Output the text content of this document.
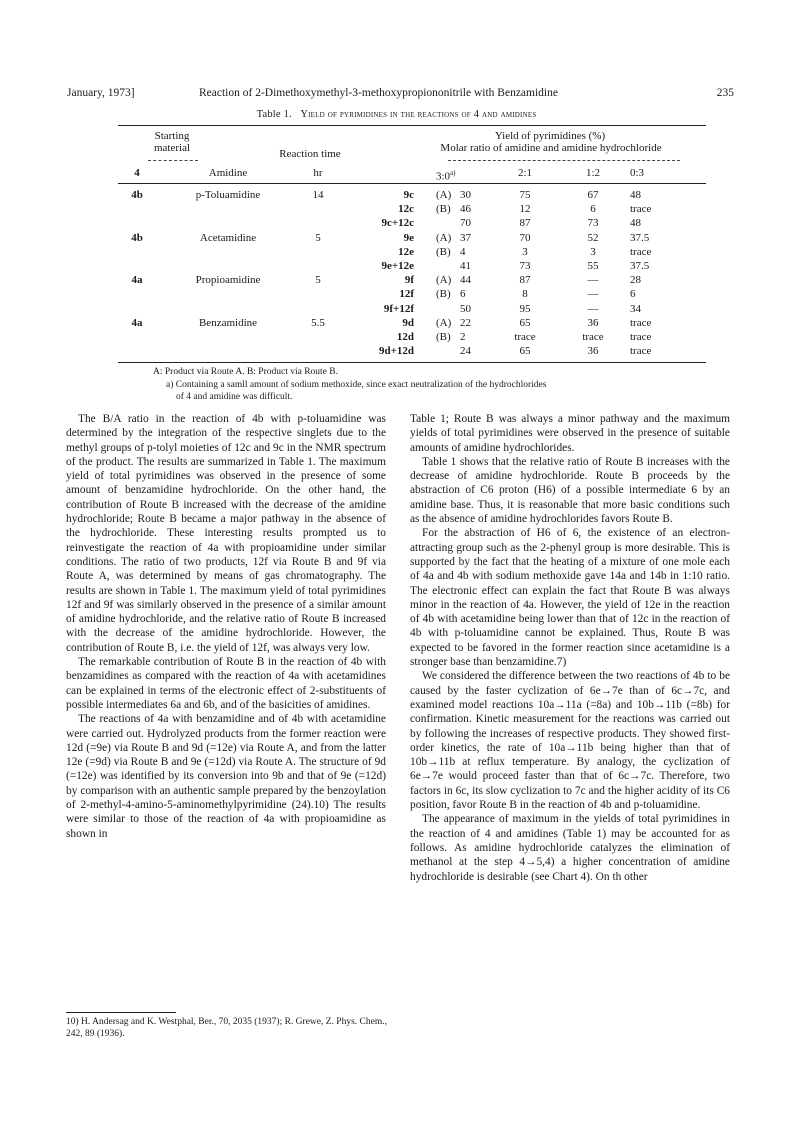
January, 1973]	Reaction of 2-Dimethoxymethyl-3-methoxypropiononitrile with Benzamidine	235
Table 1. Yield of pyrimidines in the reactions of 4 and amidines
Starting
material	Reaction time
Yield of pyrimidines (%)
Molar ratio of amidine and amidine hydrochloride
4	Amidine	hr	3:0$^{a)}$	2:1	1:2	0:3
4b	p-Toluamidine	14	9c (A) 30	75	67	48
12c (B) 46	12	6	trace
9c+12c	70	87	73	48
4b	Acetamidine	5	9e (A) 37	70	52	37.5
12e (B) 4	3	3	trace
9e+12e	41	73	55	37.5
4a	Propioamidine	5	9f (A) 44	87	—	28
12f (B) 6	8	—	6
9f+12f	50	95	—	34
4a	Benzamidine	5.5	9d (A) 22	65	36	trace
12d (B) 2	trace	trace	trace
9d+12d	24	65	36	trace
A: Product via Route A. B: Product via Route B.
a) Containing a samll amount of sodium methoxide, since exact neutralization of the hydrochlorides
of 4 and amidine was difficult.

The B/A ratio in the reaction of 4b with p-toluamidine was determined by the integration of the respective singlets due to the methyl groups of p-tolyl moieties of 12c and 9c in the NMR spectrum of the product. The results are summarized in Table 1. The maximum yield of total pyrimidines was observed in the presence of some amount of benzamidine hydrochloride. On the other hand, the contribution of Route B increased with the decrease of the amidine hydrochloride; Route B became a major pathway in the absence of the hydrochloride. These interesting results prompted us to reinvestigate the reaction of 4a with propioamidine under similar conditions. The ratio of two products, 12f via Route B and 9f via Route A, was determined by means of gas chromatography. The results are shown in Table 1. The maximum yield of total pyrimidines 12f and 9f was similarly observed in the presence of a similar amount of amidine hydrochloride, and the relative ratio of Route B increased with the decrease of the amidine hydrochloride. However, the contribution of Route B, i.e. the yield of 12f, was always very low.

The remarkable contribution of Route B in the reaction of 4b with benzamidines as compared with the reaction of 4a with acetamidines can be explained in terms of the electronic effect of 2-substituents of possible intermediates 6a and 6b, and of the basicities of amidines.

The reactions of 4a with benzamidine and of 4b with acetamidine were carried out. Hydrolyzed products from the former reaction were 12d (=9e) via Route B and 9d (=12e) via Route A, and from the latter 12e (=9d) via Route B and 9e (=12d) via Route A. The structure of 9d (=12e) was identified by its conversion into 9b and that of 9e (=12d) by comparison with an authentic sample prepared by the benzoylation of 2-methyl-4-amino-5-aminomethylpyrimidine (24).10) The results were similar to those of the reaction of 4a with propioamidine as shown in

Table 1; Route B was always a minor pathway and the maximum yields of total pyrimidines were observed in the presence of suitable amounts of amidine hydrochlorides.

Table 1 shows that the relative ratio of Route B increases with the decrease of amidine hydrochloride. Route B proceeds by the abstraction of C6 proton (H6) of a possible intermediate 6 by an amidine base. Thus, it is reasonable that more basic conditions such as the absence of amidine hydrochlorides favors Route B.

For the abstraction of H6 of 6, the existence of an electron-attracting group such as the 2-phenyl group is more desirable. This is supported by the fact that the heating of a mixture of one mole each of 4a and 4b with sodium methoxide gave 14a and 14b in 1:10 ratio. The electronic effect can explain the fact that Route B was always minor in the reaction of 4a. However, the yield of 12e in the reaction of 4b with acetamidine being lower than that of 12c in the reaction of 4b with p-toluamidine cannot be explained. Thus, Route B was expected to be favored in the former reaction since acetamidine is a stronger base than benzamidine.7)

We considered the difference between the two reactions of 4b to be caused by the faster cyclization of 6e→7e than of 6c→7c, and examined model reactions 10a→11a (=8a) and 10b→11b (=8b) for confirmation. Kinetic measurement for the reactions was carried out by following the increases of respective products. They showed first-order kinetics, the rate of 10a→11b being higher than that of 10b→11b at reflux temperature. By analogy, the cyclization of 6e→7e would proceed faster than that of 6c→7c. Therefore, two factors in 6c, its slow cyclization to 7c and the higher acidity of its C6 position, favor Route B in the reaction of 4b and p-toluamidine.

The appearance of maximum in the yields of total pyrimidines in the reaction of 4 and amidines (Table 1) may be accounted for as follows. As amidine hydrochloride catalyzes the elimination of methanol at the step 4→5,4) a higher concentration of amidine hydrochloride is desirable (see Chart 4). On th other

10) H. Andersag and K. Westphal, Ber., 70, 2035 (1937); R. Grewe, Z. Phys. Chem., 242, 89 (1936).
